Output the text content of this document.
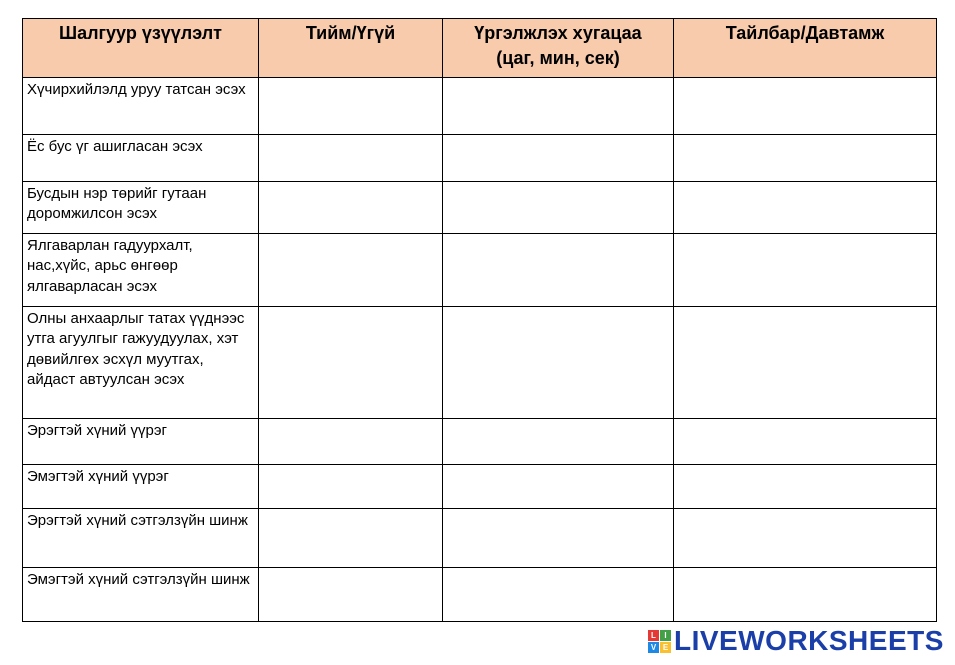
Шалгуур үзүүлэлт	Тийм/Үгүй	Үргэлжлэх хугацаа (цаг, мин, сек)	Тайлбар/Давтамж
Хүчирхийлэлд уруу татсан эсэх			
Ёс бус үг ашигласан эсэх			
Бусдын нэр төрийг гутаан доромжилсон эсэх			
Ялгаварлан гадуурхалт, нас,хүйс, арьс өнгөөр ялгаварласан эсэх			
Олны анхаарлыг татах үүднээс утга агуулгыг гажуудуулах, хэт дөвийлгөх эсхүл муутгах, айдаст автуулсан эсэх			
Эрэгтэй хүний үүрэг			
Эмэгтэй хүний үүрэг			
Эрэгтэй хүний сэтгэлзүйн шинж			
Эмэгтэй хүний сэтгэлзүйн шинж			
L	I
V E LIVEWORKSHEETS
